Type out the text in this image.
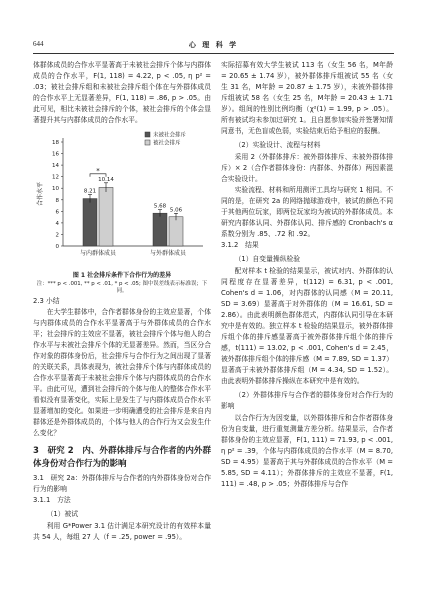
644	心 理 科 学

体群体成员的合作水平显著高于未被社会排斥个体与内群体成员的合作水平，F(1, 118) = 4.22, p < .05, η p² = .03；被社会排斥组和未被社会排斥组个体在与外群体成员的合作水平上无显著差异，F(1, 118) = .86, p > .05。由此可见，相比未被社会排斥的个体，被社会排斥的个体会显著提升其与内群体成员的合作水平。

0
2
4
6
8
10
12
14
16
18
合作水平	8.21
10.14
与内群体成员
5.68
5.06
与外群体成员
*
未被社会排斥
被社会排斥
图 1 社会排斥条件下合作行为的差异
注：*** p < .001, ** p < .01, * p < .05; 图中误差线表示标准误；下同。
2.3 小结

在大学生群体中，合作者群体身份的主效应显著，个体与内群体成员的合作水平显著高于与外群体成员的合作水平；社会排斥的主效应不显著，被社会排斥个体与他人的合作水平与未被社会排斥个体的无显著差异。然而，当区分合作对象的群体身份后，社会排斥与合作行为之间出现了显著的关联关系，具体表现为，被社会排斥个体与内群体成员的合作水平显著高于未被社会排斥个体与内群体成员的合作水平。由此可见，遭到社会排斥的个体与他人的整体合作水平看似没有显著变化，实际上是发生了与内群体成员合作水平显著增加的变化。如果进一步明确遭受的社会排斥是来自内群体还是外群体成员的，个体与他人的合作行为又会发生什么变化？

3　研究 2　内、外群体排斥与合作者的内外群体身份对合作行为的影响
3.1　研究 2a：外群体排斥与合作者的内外群体身份对合作行为的影响
3.1.1　方法
（1）被试

利用 G*Power 3.1 估计满足本研究设计的有效样本量共 54 人，每组 27 人（f = .25, power = .95）。

实际招募有效大学生被试 113 名（女生 56 名，M年龄 = 20.65 ± 1.74 岁），被外群体排斥组被试 55 名（女生 31 名，M年龄 = 20.87 ± 1.75 岁），未被外群体排斥组被试 58 名（女生 25 名，M年龄 = 20.43 ± 1.71 岁）。组间的性别比例均衡（χ²(1) = 1.99, p > .05）。所有被试均未参加过研究 1。且自愿参加实验并签署知情同意书，无色盲或色弱，实验结束后给予相应的报酬。

（2）实验设计、流程与材料

采用 2（外群体排斥：被外群体排斥、未被外群体排斥）× 2（合作者群体身份：内群体、外群体）两因素混合实验设计。

实验流程、材料和所用测评工具均与研究 1 相同。不同的是，在研究 2a 的网络抛球游戏中，被试的颜色不同于其他两位玩家，即两位玩家均为被试的外群体成员。本研究内群体认同、外群体认同、排斥感的 Cronbach's α 系数分别为 .85、.72 和 .92。

3.1.2　结果
（1）自变量操纵检验

配对样本 t 检验的结果显示，被试对内、外群体的认同程度存在显著差异，t(112) = 6.31, p < .001, Cohen's d = 1.06，对内群体的认同感（M = 20.11, SD = 3.69）显著高于对外群体的（M = 16.61, SD = 2.86）。由此表明颜色群体范式，内群体认同引导在本研究中是有效的。独立样本 t 检验的结果显示，被外群体排斥组个体的排斥感显著高于被外群体排斥组个体的排斥感，t(111) = 13.02, p < .001, Cohen's d = 2.45，被外群体排斥组个体的排斥感（M = 7.89, SD = 1.37）显著高于未被外群体排斥组（M = 4.34, SD = 1.52）。由此表明外群体排斥操纵在本研究中是有效的。

（2）外群体排斥与合作者的群体身份对合作行为的影响

以合作行为为因变量，以外群体排斥和合作者群体身份为自变量，进行重复测量方差分析。结果显示，合作者群体身份的主效应显著，F(1, 111) = 71.93, p < .001, η p² = .39，个体与内群体成员的合作水平（M = 8.70, SD = 4.95）显著高于其与外群体成员的合作水平（M = 5.85, SD = 4.11）；外群体排斥的主效应不显著，F(1, 111) = .48, p > .05；外群体排斥与合作
